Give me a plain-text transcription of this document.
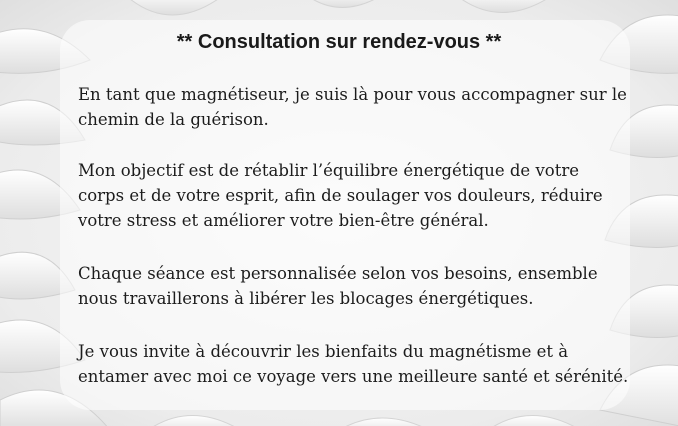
** Consultation sur rendez-vous **

En tant que magnétiseur, je suis là pour vous accompagner sur le
chemin de la guérison.

Mon objectif est de rétablir l’équilibre énergétique de votre
corps et de votre esprit, afin de soulager vos douleurs, réduire
votre stress et améliorer votre bien-être général.

Chaque séance est personnalisée selon vos besoins, ensemble
nous travaillerons à libérer les blocages énergétiques.

Je vous invite à découvrir les bienfaits du magnétisme et à
entamer avec moi ce voyage vers une meilleure santé et sérénité.
